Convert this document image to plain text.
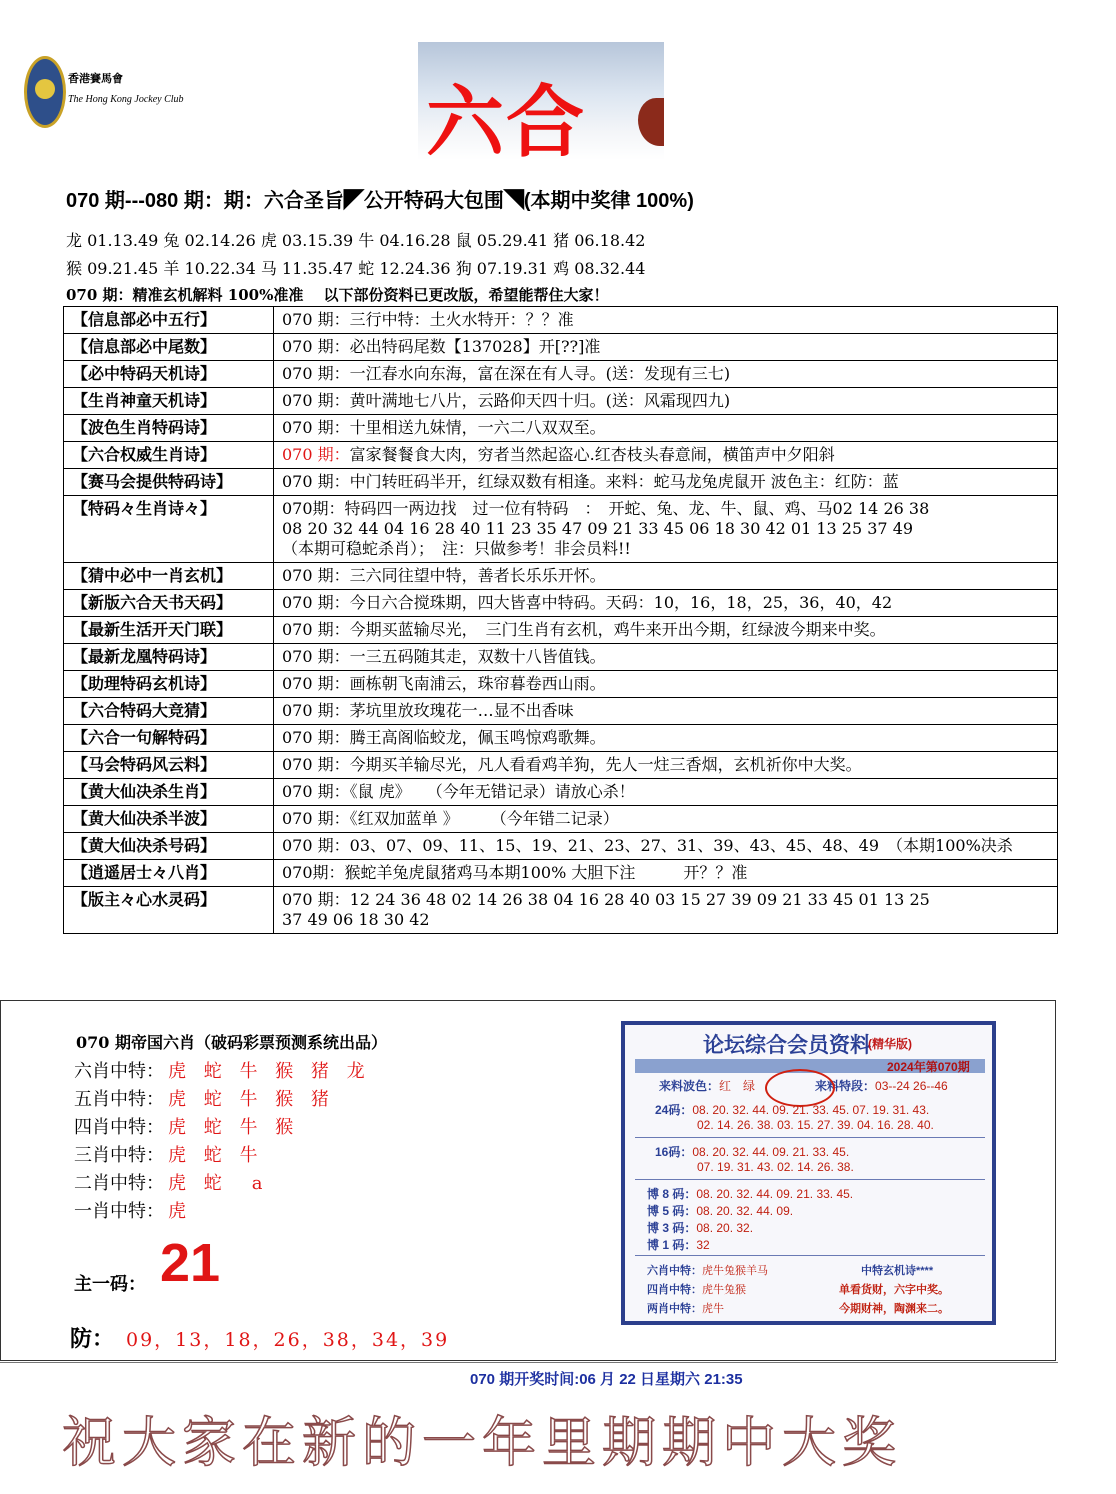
香港賽馬會
The Hong Kong Jockey Club	六合
070 期---080 期：期：六合圣旨◤公开特码大包围◥(本期中奖律 100%)
龙 01.13.49 兔 02.14.26 虎 03.15.39 牛 04.16.28 鼠 05.29.41 猪 06.18.42
猴 09.21.45 羊 10.22.34 马 11.35.47 蛇 12.24.36 狗 07.19.31 鸡 08.32.44
070 期：精准玄机解料 100%准准　 以下部份资料已更改版，希望能帮住大家！
【信息部必中五行】	070 期：三行中特：土火水特开：？？准
【信息部必中尾数】	070 期：必出特码尾数【137028】开[??]准
【必中特码天机诗】	070 期：一江春水向东海，富在深在有人寻。(送：发现有三七)
【生肖神童天机诗】	070 期：黄叶满地七八片，云路仰天四十归。(送：风霜现四九)
【波色生肖特码诗】	070 期：十里相送九妹情，一六二八双双至。
【六合权威生肖诗】	070 期：富家餐餐食大肉，穷者当然起盗心.红杏枝头春意闹，横笛声中夕阳斜
【赛马会提供特码诗】	070 期：中门转旺码半开，红绿双数有相逢。来料：蛇马龙兔虎鼠开 波色主：红防：蓝
【特码々生肖诗々】	070期：特码四一两边找　过一位有特码　：　开蛇、兔、龙、牛、鼠、鸡、马02 14 26 38
08 20 32 44 04 16 28 40 11 23 35 47 09 21 33 45 06 18 30 42 01 13 25 37 49
（本期可稳蛇杀肖）；　注：只做参考！非会员料!!

【猜中必中一肖玄机】	070 期：三六同往望中特，善者长乐乐开怀。
【新版六合天书天码】	070 期：今日六合搅珠期，四大皆喜中特码。天码：10，16，18，25，36，40，42
【最新生活开天门联】	070 期：今期买蓝输尽光，　三门生肖有玄机，鸡牛来开出今期，红绿波今期来中奖。
【最新龙凰特码诗】	070 期：一三五码随其走，双数十八皆值钱。
【助理特码玄机诗】	070 期：画栋朝飞南浦云，珠帘暮卷西山雨。
【六合特码大竞猜】	070 期：茅坑里放玫瑰花一…显不出香味
【六合一句解特码】	070 期：腾王高阁临蛟龙，佩玉鸣惊鸡歌舞。
【马会特码风云料】	070 期：今期买羊输尽光，凡人看看鸡羊狗，先人一炷三香烟，玄机祈你中大奖。
【黄大仙决杀生肖】	070 期：《鼠 虎》　　（今年无错记录）请放心杀！
【黄大仙决杀半波】	070 期：《红双加蓝单 》　　　（今年错二记录）
【黄大仙决杀号码】	070 期：03、07、09、11、15、19、21、23、27、31、39、43、45、48、49　（本期100%决杀
【逍遥居士々八肖】	070期：猴蛇羊兔虎鼠猪鸡马本期100% 大胆下注　　　开？？准
【版主々心水灵码】	070 期：12 24 36 48 02 14 26 38 04 16 28 40 03 15 27 39 09 21 33 45 01 13 25
37 49 06 18 30 42
070 期帝国六肖（破码彩票预测系统出品）
六肖中特： 虎 蛇 牛 猴 猪 龙
五肖中特： 虎 蛇 牛 猴 猪
四肖中特： 虎 蛇 牛 猴
三肖中特： 虎 蛇 牛
二肖中特： 虎 蛇　a
一肖中特： 虎
主一码： 21
防： 09，13，18，26，38，34，39
论坛综合会员资料
(精华版)
2024年第070期
来料波色：红　绿	来料特段：03--24 26--46
24码：08. 20. 32. 44. 09. 21. 33. 45. 07. 19. 31. 43.
02. 14. 26. 38. 03. 15. 27. 39. 04. 16. 28. 40.
16码：08. 20. 32. 44. 09. 21. 33. 45.
07. 19. 31. 43. 02. 14. 26. 38.
博 8 码：08. 20. 32. 44. 09. 21. 33. 45.
博 5 码：08. 20. 32. 44. 09.
博 3 码：08. 20. 32.
博 1 码：32
六肖中特：虎牛兔猴羊马	中特玄机诗****
四肖中特：虎牛兔猴	单看货财，六字中奖。
两肖中特：虎牛	今期财神，陶渊来二。
070 期开奖时间:06 月 22 日星期六 21:35
祝大家在新的一年里期期中大奖
